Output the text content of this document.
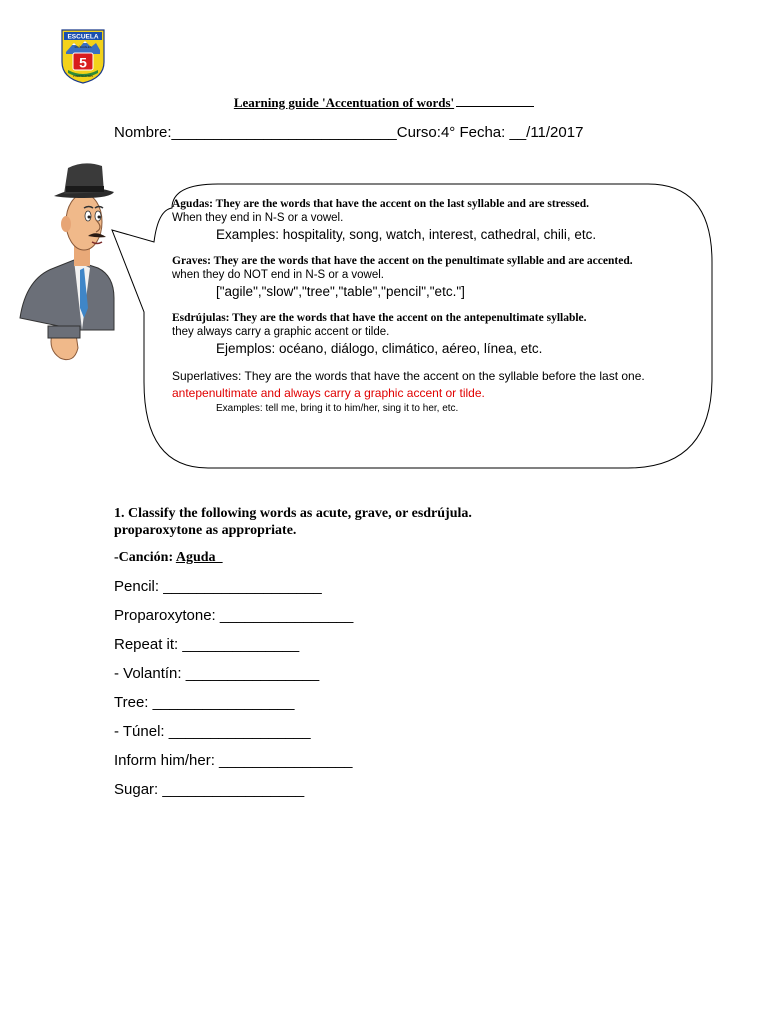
ESCUELA
MAÑIHUALES
5
PUERTO AYSÉN
Learning guide 'Accentuation of words'
Nombre:___________________________Curso:4° Fecha: __/11/2017
Agudas: They are the words that have the accent on the last syllable and are stressed.
When they end in N-S or a vowel.
Examples: hospitality, song, watch, interest, cathedral, chili, etc.
Graves: They are the words that have the accent on the penultimate syllable and are accented.
when they do NOT end in N-S or a vowel.
["agile","slow","tree","table","pencil","etc."]
Esdrújulas: They are the words that have the accent on the antepenultimate syllable.
they always carry a graphic accent or tilde.
Ejemplos: océano, diálogo, climático, aéreo, línea, etc.
Superlatives: They are the words that have the accent on the syllable before the last one.
antepenultimate and always carry a graphic accent or tilde.
Examples: tell me, bring it to him/her, sing it to her, etc.
1. Classify the following words as acute, grave, or esdrújula.
proparoxytone as appropriate.
-Canción: Aguda_
Pencil: ___________________
Proparoxytone: ________________
Repeat it: ______________
- Volantín: ________________
Tree: _________________
- Túnel: _________________
Inform him/her: ________________
Sugar: _________________
